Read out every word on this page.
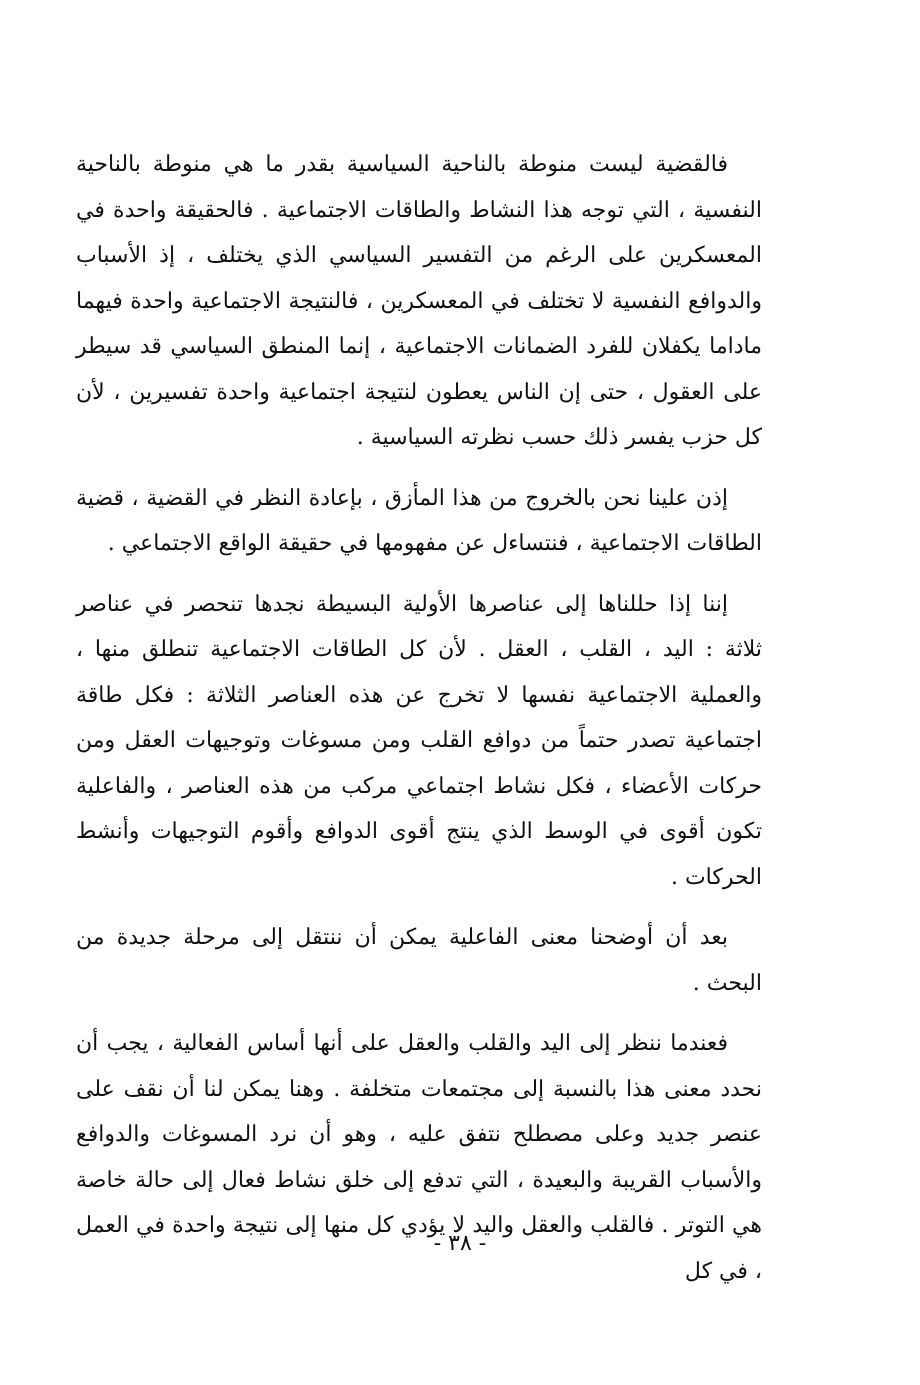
فالقضية ليست منوطة بالناحية السياسية بقدر ما هي منوطة بالناحية النفسية ، التي توجه هذا النشاط والطاقات الاجتماعية . فالحقيقة واحدة في المعسكرين على الرغم من التفسير السياسي الذي يختلف ، إذ الأسباب والدوافع النفسية لا تختلف في المعسكرين ، فالنتيجة الاجتماعية واحدة فيهما ماداما يكفلان للفرد الضمانات الاجتماعية ، إنما المنطق السياسي قد سيطر على العقول ، حتى إن الناس يعطون لنتيجة اجتماعية واحدة تفسيرين ، لأن كل حزب يفسر ذلك حسب نظرته السياسية .

إذن علينا نحن بالخروج من هذا المأزق ، بإعادة النظر في القضية ، قضية الطاقات الاجتماعية ، فنتساءل عن مفهومها في حقيقة الواقع الاجتماعي .

إننا إذا حللناها إلى عناصرها الأولية البسيطة نجدها تنحصر في عناصر ثلاثة : اليد ، القلب ، العقل . لأن كل الطاقات الاجتماعية تنطلق منها ، والعملية الاجتماعية نفسها لا تخرج عن هذه العناصر الثلاثة : فكل طاقة اجتماعية تصدر حتماً من دوافع القلب ومن مسوغات وتوجيهات العقل ومن حركات الأعضاء ، فكل نشاط اجتماعي مركب من هذه العناصر ، والفاعلية تكون أقوى في الوسط الذي ينتج أقوى الدوافع وأقوم التوجيهات وأنشط الحركات .

بعد أن أوضحنا معنى الفاعلية يمكن أن ننتقل إلى مرحلة جديدة من البحث .

فعندما ننظر إلى اليد والقلب والعقل على أنها أساس الفعالية ، يجب أن نحدد معنى هذا بالنسبة إلى مجتمعات متخلفة . وهنا يمكن لنا أن نقف على عنصر جديد وعلى مصطلح نتفق عليه ، وهو أن نرد المسوغات والدوافع والأسباب القريبة والبعيدة ، التي تدفع إلى خلق نشاط فعال إلى حالة خاصة هي التوتر . فالقلب والعقل واليد لا يؤدي كل منها إلى نتيجة واحدة في العمل ، في كل

- ٣٨ -
